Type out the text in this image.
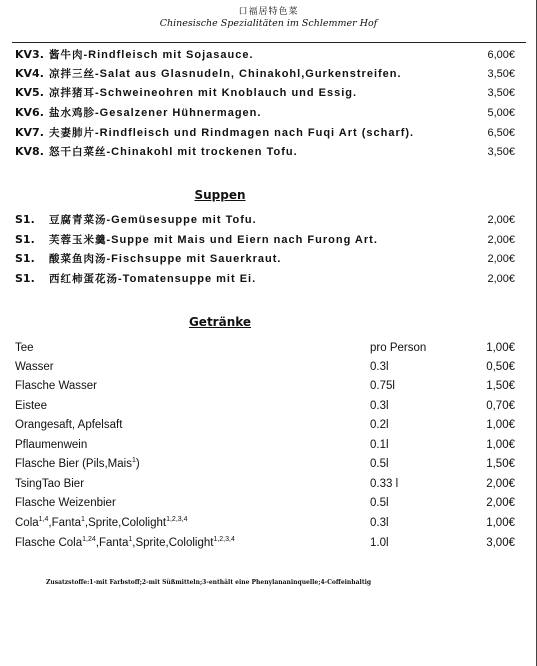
口福居特色菜
Chinesische Spezialitäten im Schlemmer Hof
KV3. 酱牛肉-Rindfleisch mit Sojasauce.	6,00€
KV4. 凉拌三丝-Salat aus Glasnudeln, Chinakohl,Gurkenstreifen.	3,50€
KV5. 凉拌猪耳-Schweineohren mit Knoblauch und Essig.	3,50€
KV6. 盐水鸡胗-Gesalzener Hühnermagen.	5,00€
KV7. 夫妻肺片-Rindfleisch und Rindmagen nach Fuqi Art (scharf).	6,50€
KV8. 怒干白菜丝-Chinakohl mit trockenen Tofu.	3,50€
Suppen
S1. 豆腐青菜汤-Gemüsesuppe mit Tofu.	2,00€
S1. 芙蓉玉米羹-Suppe mit Mais und Eiern nach Furong Art.	2,00€
S1. 酸菜鱼肉汤-Fischsuppe mit Sauerkraut.	2,00€
S1. 西红柿蛋花汤-Tomatensuppe mit Ei.	2,00€
Getränke
Tee	pro Person	1,00€
Wasser	0.3l	0,50€
Flasche Wasser	0.75l	1,50€
Eistee	0.3l	0,70€
Orangesaft, Apfelsaft	0.2l	1,00€
Pflaumenwein	0.1l	1,00€
Flasche Bier (Pils,Mais$^1$)	0.5l	1,50€
TsingTao Bier	0.33 l	2,00€
Flasche Weizenbier	0.5l	2,00€
Cola$^{1,4}$,Fanta$^1$,Sprite,Cololight$^{1,2,3,4}$	0.3l	1,00€
Flasche Cola$^{1,24}$,Fanta$^1$,Sprite,Cololight$^{1,2,3,4}$	1.0l	3,00€
Zusatzstoffe:1-mit Farbstoff;2-mit Süßmitteln;3-enthält eine Phenylananinquelle;4-Coffeinhaltig
